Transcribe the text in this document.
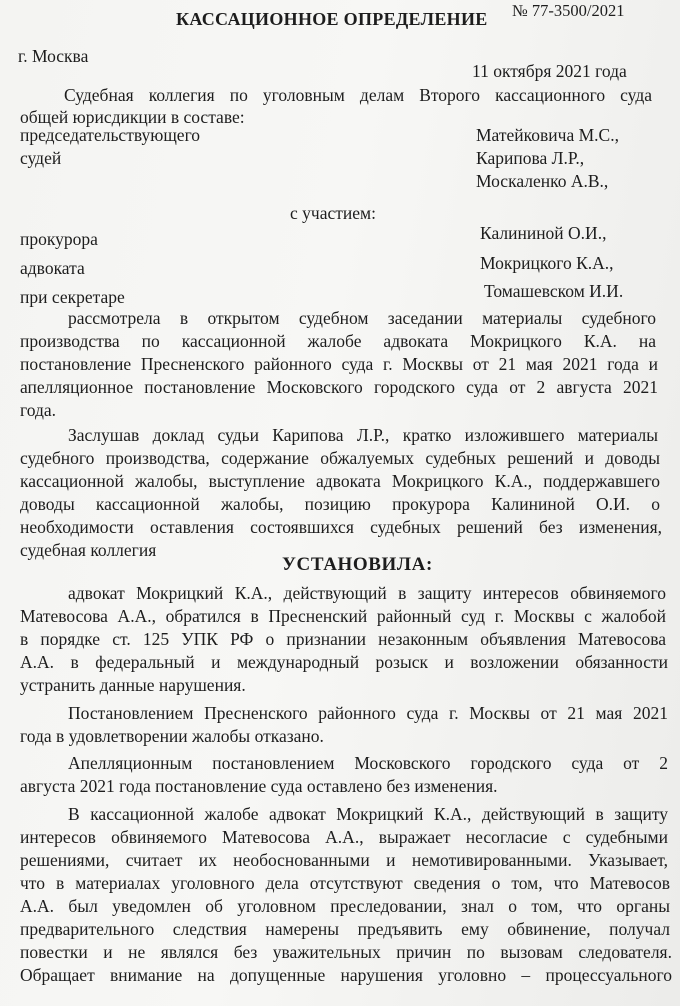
КАССАЦИОННОЕ ОПРЕДЕЛЕНИЕ № 77-3500/2021
г. Москва
11 октября 2021 года
Судебная коллегия по уголовным делам Второго кассационного суда
общей юрисдикции в составе:
председательствующего	Матейковича М.С.,
судей	Карипова Л.Р.,
Москаленко А.В.,
с участием:
прокурора	Калининой О.И.,
адвоката	Мокрицкого К.А.,
при секретаре	Томашевском И.И.
рассмотрела в открытом судебном заседании материалы судебного
производства по кассационной жалобе адвоката Мокрицкого К.А. на
постановление Пресненского районного суда г. Москвы от 21 мая 2021 года и
апелляционное постановление Московского городского суда от 2 августа 2021
года.
Заслушав доклад судьи Карипова Л.Р., кратко изложившего материалы
судебного производства, содержание обжалуемых судебных решений и доводы
кассационной жалобы, выступление адвоката Мокрицкого К.А., поддержавшего
доводы кассационной жалобы, позицию прокурора Калининой О.И. о
необходимости оставления состоявшихся судебных решений без изменения,
судебная коллегия
УСТАНОВИЛА:
адвокат Мокрицкий К.А., действующий в защиту интересов обвиняемого
Матевосова А.А., обратился в Пресненский районный суд г. Москвы с жалобой
в порядке ст. 125 УПК РФ о признании незаконным объявления Матевосова
А.А. в федеральный и международный розыск и возложении обязанности
устранить данные нарушения.
Постановлением Пресненского районного суда г. Москвы от 21 мая 2021
года в удовлетворении жалобы отказано.
Апелляционным постановлением Московского городского суда от 2
августа 2021 года постановление суда оставлено без изменения.
В кассационной жалобе адвокат Мокрицкий К.А., действующий в защиту
интересов обвиняемого Матевосова А.А., выражает несогласие с судебными
решениями, считает их необоснованными и немотивированными. Указывает,
что в материалах уголовного дела отсутствуют сведения о том, что Матевосов
А.А. был уведомлен об уголовном преследовании, знал о том, что органы
предварительного следствия намерены предъявить ему обвинение, получал
повестки и не являлся без уважительных причин по вызовам следователя.
Обращает внимание на допущенные нарушения уголовно – процессуального
